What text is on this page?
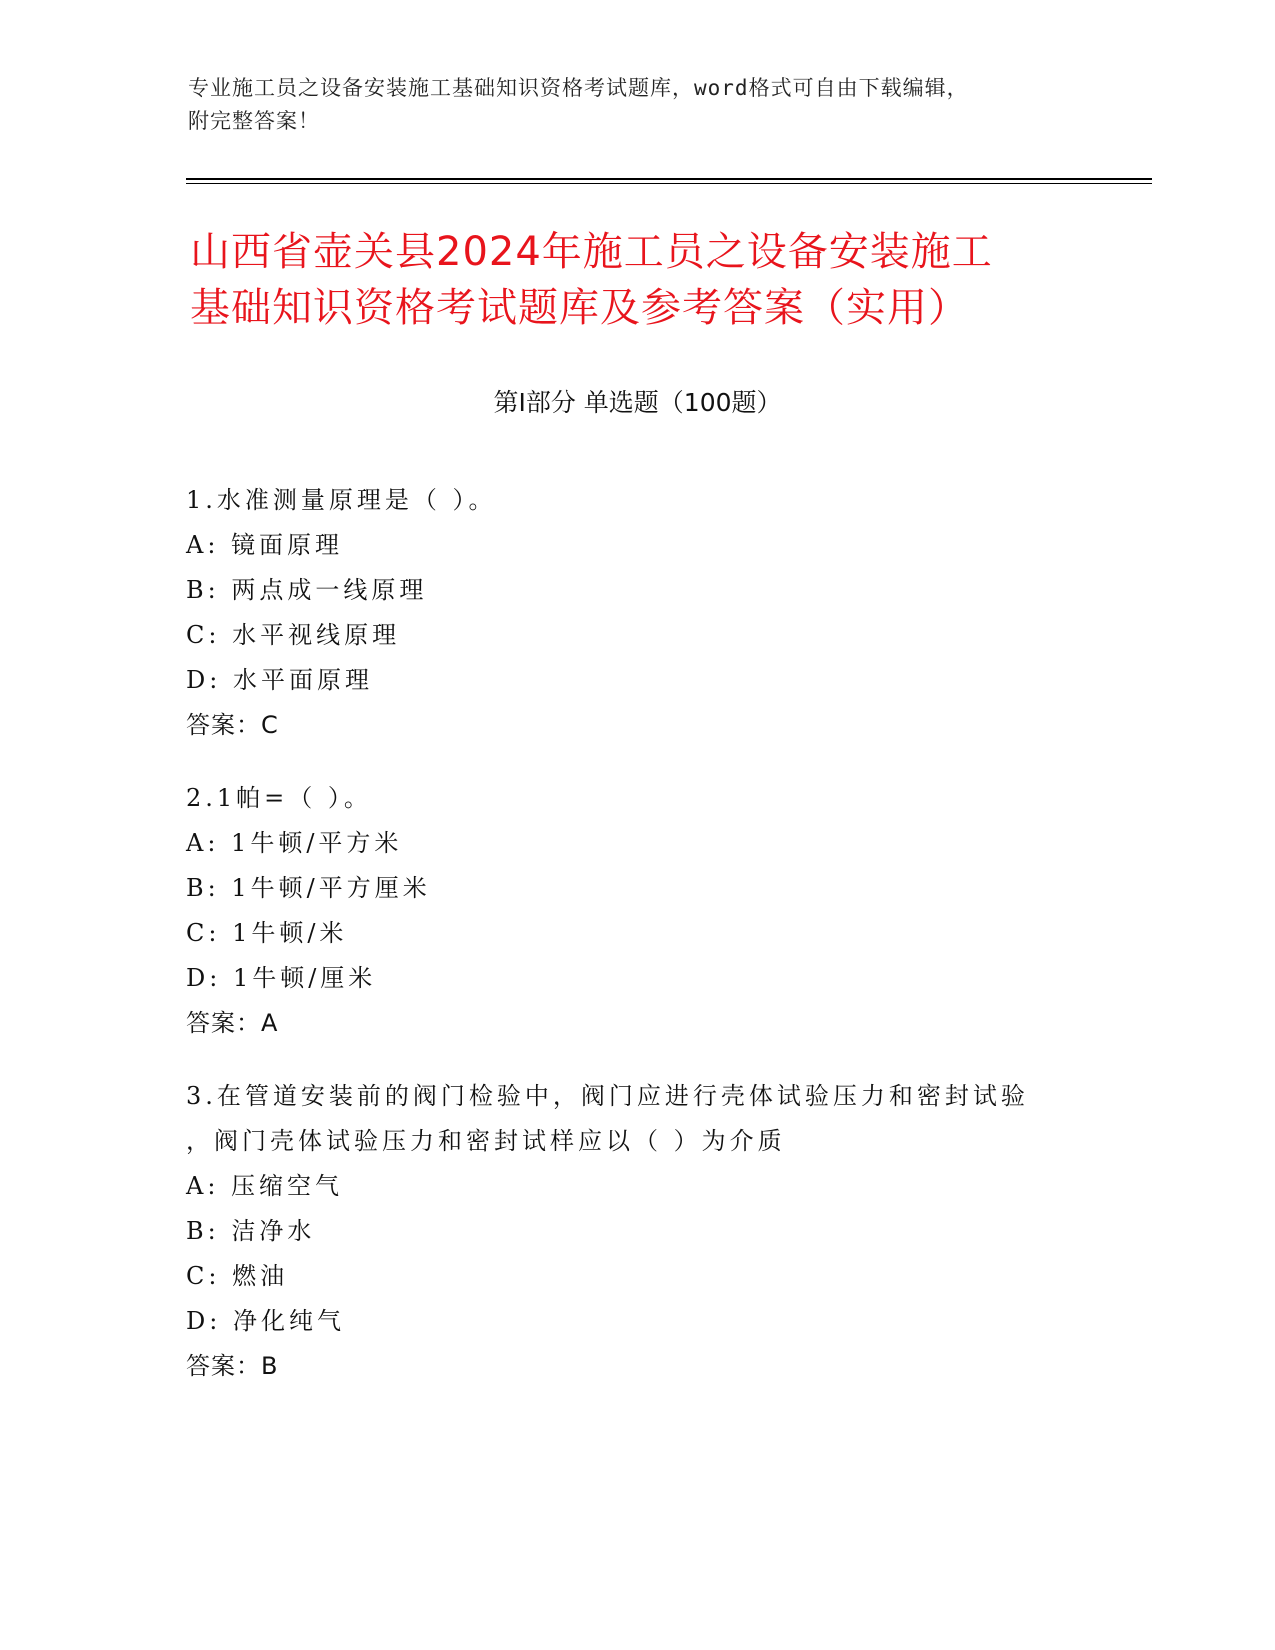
专业施工员之设备安装施工基础知识资格考试题库，word格式可自由下载编辑，
附完整答案！
山西省壶关县2024年施工员之设备安装施工
基础知识资格考试题库及参考答案（实用）
第Ⅰ部分 单选题（100题）
1.水准测量原理是（ ）。
A: 镜面原理
B: 两点成一线原理
C: 水平视线原理
D: 水平面原理
答案：C
2.1帕=（ ）。
A: 1牛顿/平方米
B: 1牛顿/平方厘米
C: 1牛顿/米
D: 1牛顿/厘米
答案：A
3.在管道安装前的阀门检验中，阀门应进行壳体试验压力和密封试验
，阀门壳体试验压力和密封试样应以（ ）为介质
A: 压缩空气
B: 洁净水
C: 燃油
D: 净化纯气
答案：B
